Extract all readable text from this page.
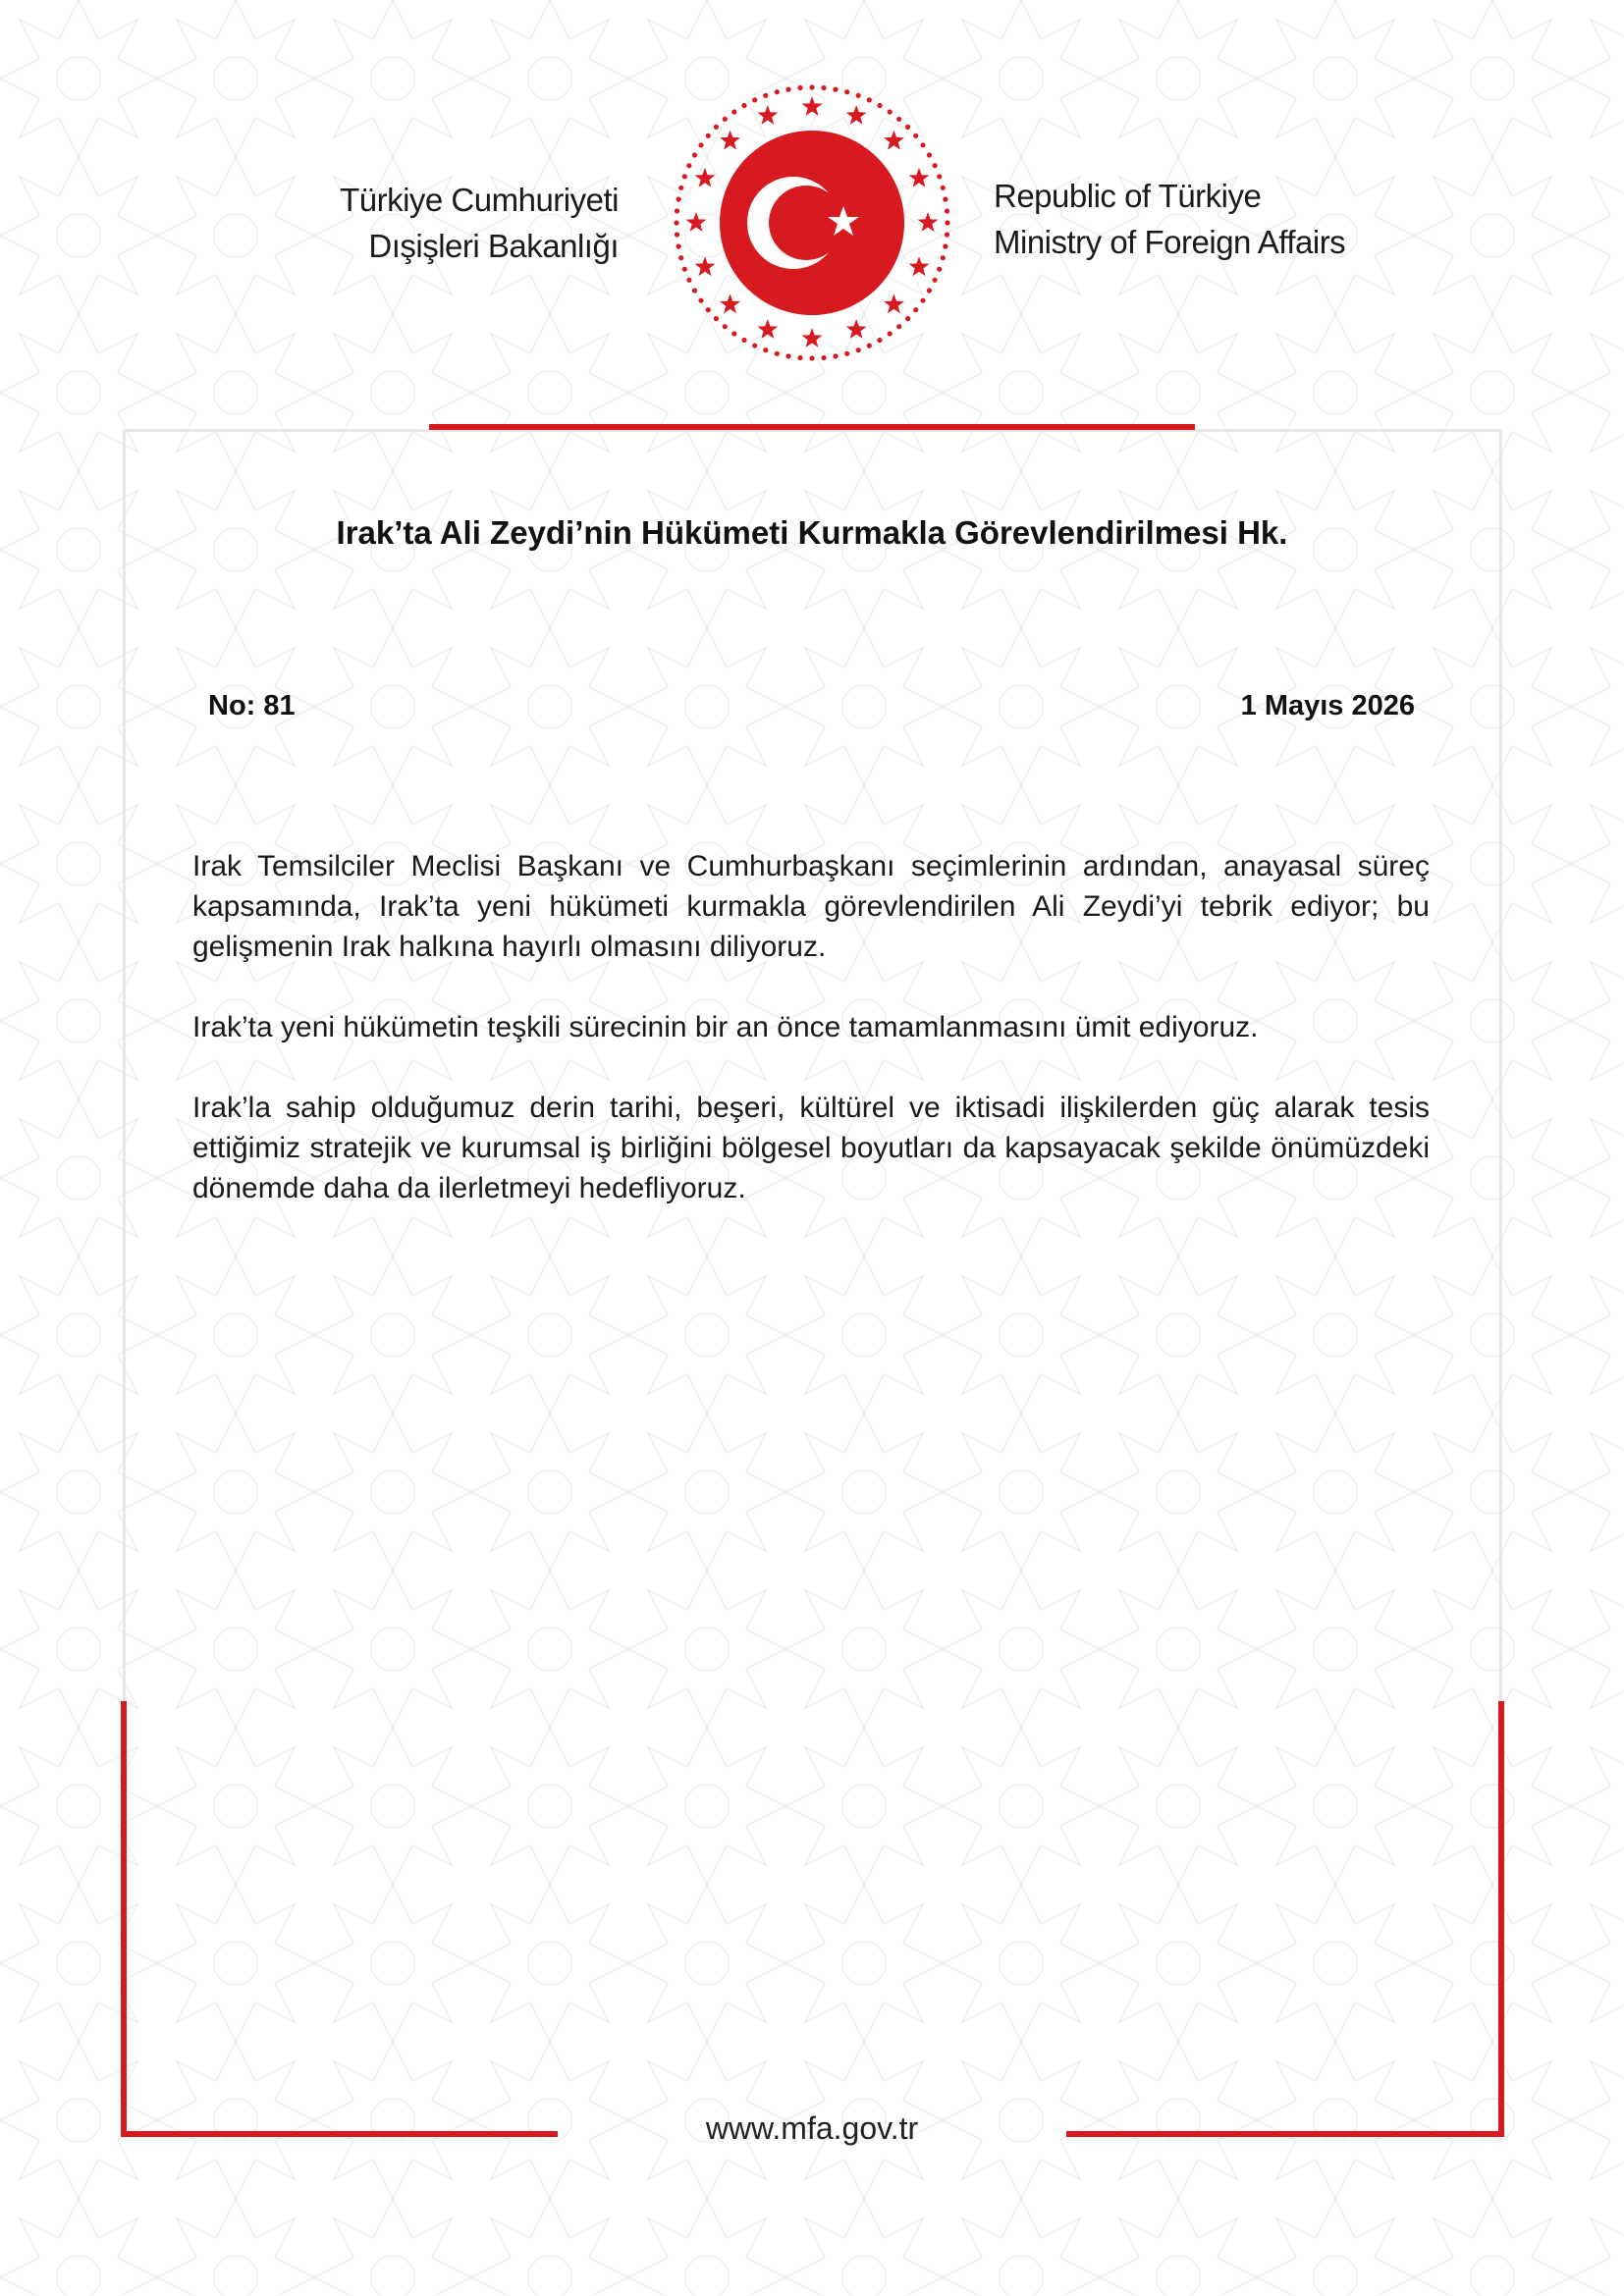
Türkiye Cumhuriyeti
Dışişleri Bakanlığı
Republic of Türkiye
Ministry of Foreign Affairs
Irak’ta Ali Zeydi’nin Hükümeti Kurmakla Görevlendirilmesi Hk.
No: 81	1 Mayıs 2026

Irak Temsilciler Meclisi Başkanı ve Cumhurbaşkanı seçimlerinin ardından, anayasal süreç kapsamında, Irak’ta yeni hükümeti kurmakla görevlendirilen Ali Zeydi’yi tebrik ediyor; bu gelişmenin Irak halkına hayırlı olmasını diliyoruz.

Irak’ta yeni hükümetin teşkili sürecinin bir an önce tamamlanmasını ümit ediyoruz.

Irak’la sahip olduğumuz derin tarihi, beşeri, kültürel ve iktisadi ilişkilerden güç alarak tesis ettiğimiz stratejik ve kurumsal iş birliğini bölgesel boyutları da kapsayacak şekilde önümüzdeki dönemde daha da ilerletmeyi hedefliyoruz.

www.mfa.gov.tr
